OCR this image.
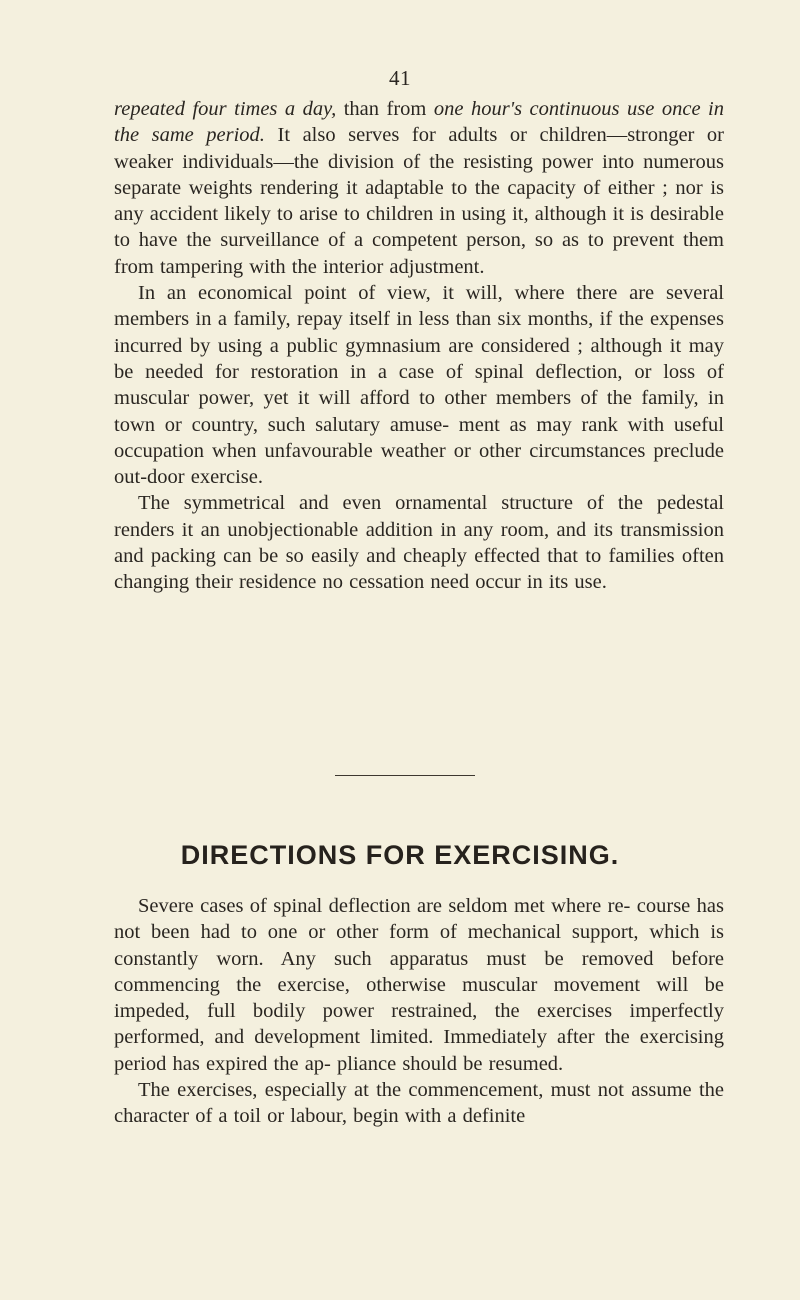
41

repeated four times a day, than from one hour's continuous use once in the same period. It also serves for adults or children—stronger or weaker individuals—the division of the resisting power into numerous separate weights rendering it adaptable to the capacity of either ; nor is any accident likely to arise to children in using it, although it is desirable to have the surveillance of a competent person, so as to prevent them from tampering with the interior adjustment.

In an economical point of view, it will, where there are several members in a family, repay itself in less than six months, if the expenses incurred by using a public gymnasium are considered ; although it may be needed for restoration in a case of spinal deflection, or loss of muscular power, yet it will afford to other members of the family, in town or country, such salutary amuse- ment as may rank with useful occupation when unfavourable weather or other circumstances preclude out-door exercise.

The symmetrical and even ornamental structure of the pedestal renders it an unobjectionable addition in any room, and its transmission and packing can be so easily and cheaply effected that to families often changing their residence no cessation need occur in its use.

DIRECTIONS FOR EXERCISING.

Severe cases of spinal deflection are seldom met where re- course has not been had to one or other form of mechanical support, which is constantly worn. Any such apparatus must be removed before commencing the exercise, otherwise muscular movement will be impeded, full bodily power restrained, the exercises imperfectly performed, and development limited. Immediately after the exercising period has expired the ap- pliance should be resumed.

The exercises, especially at the commencement, must not assume the character of a toil or labour, begin with a definite
